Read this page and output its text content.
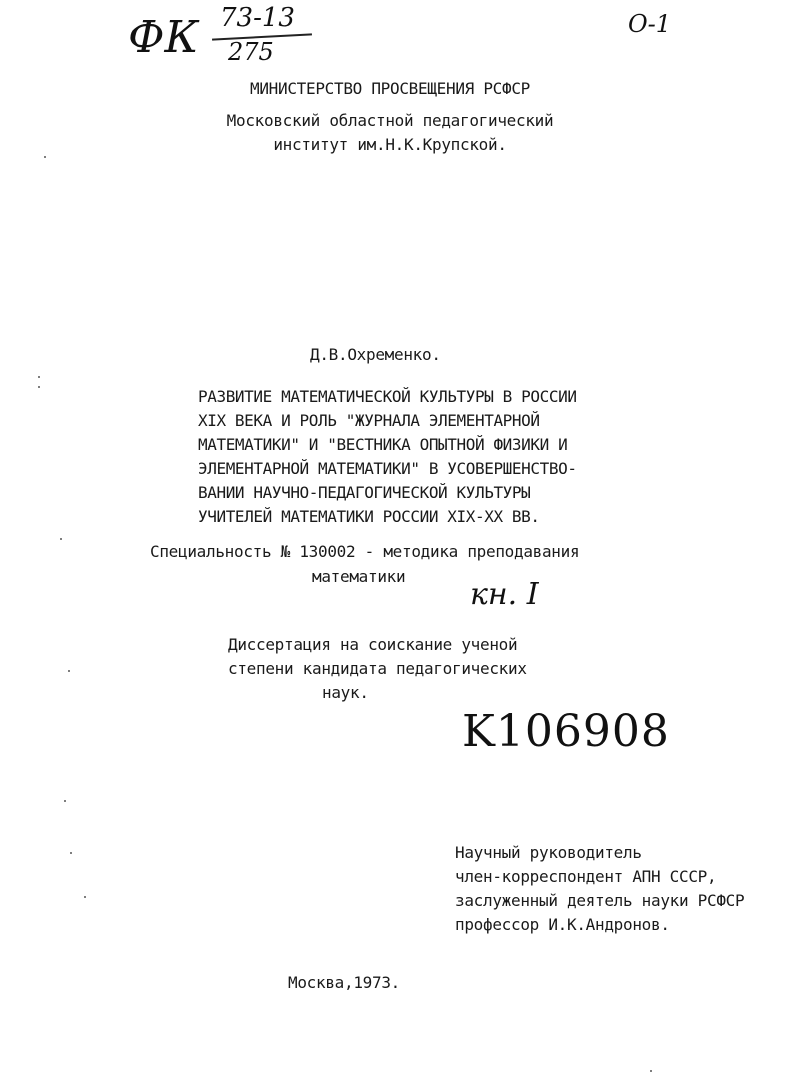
ФК 73-13
275
О-1
МИНИСТЕРСТВО ПРОСВЕЩЕНИЯ РСФСР
Московский областной педагогический
институт им.Н.К.Крупской.
Д.В.Охременко.
РАЗВИТИЕ МАТЕМАТИЧЕСКОЙ КУЛЬТУРЫ В РОССИИ
XIX ВЕКА И РОЛЬ "ЖУРНАЛА ЭЛЕМЕНТАРНОЙ
МАТЕМАТИКИ" И "ВЕСТНИКА ОПЫТНОЙ ФИЗИКИ И
ЭЛЕМЕНТАРНОЙ МАТЕМАТИКИ" В УСОВЕРШЕНСТВО-
ВАНИИ НАУЧНО-ПЕДАГОГИЧЕСКОЙ КУЛЬТУРЫ
УЧИТЕЛЕЙ МАТЕМАТИКИ РОССИИ XIX-XX ВВ.
Специальность № 130002 - методика преподавания
математики
кн. I
Диссертация на соискание ученой
степени кандидата педагогических
наук.
K106908
Научный руководитель
член-корреспондент АПН СССР,
заслуженный деятель науки РСФСР
профессор И.К.Андронов.
Москва,1973.
